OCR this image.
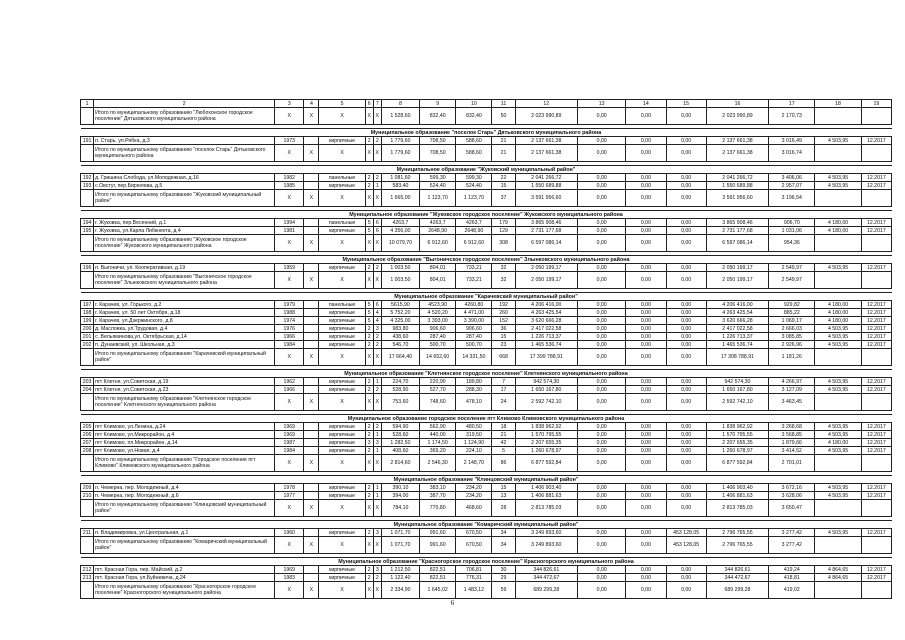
1	2	3	4	5	6	7	8	9	10	11	12	13	14	15	16	17	18	19
	Итого по муниципальному образованию "Любохонское городское поселение" Дятьковского муниципального района	X	X	X	X	X	1 528,60	832,40	832,40	50	2 023 990,89	0,00	0,00	0,00	2 023 990,89	2 170,73		

Муниципальное образование "поселок Старь" Дятьковского муниципального района																		
191	п. Старь, ул.Рябка, д.3	1973		кирпичные	2	2	1 779,60	708,50	588,60	21	2 137 661,38	0,00	0,00	0,00	2 137 661,38	3 016,49	4 503,95	12.2017
	Итого по муниципальному образованию "поселок Старь" Дятьковского муниципального района	X	X	X	X	X	1 779,60	708,50	588,60	21	2 137 661,38	0,00	0,00	0,00	2 137 661,38	3 016,74		

Муниципальное образование "Жуковский муниципальный район"																		
192	д. Гришина Слобода, ул.Молодежная, д.16	1982		панельные	2	2	1 081,60	599,30	599,30	22	2 041 266,72	0,00	0,00	0,00	2 041 266,72	3 406,06	4 503,95	12.2017
193	с.Овстуг, пер.Бирюлева, д.5	1985		кирпичные	2	1	583,40	524,40	524,40	15	1 550 689,88	0,00	0,00	0,00	1 550 689,88	2 957,07	4 503,95	12.2017
	Итого по муниципальному образованию "Жуковский муниципальный район"	X	X	X	X	X	1 665,00	1 123,70	1 123,70	37	3 591 956,60	0,00	0,00	0,00	3 591 956,60	3 196,54		

Муниципальное образование "Жуковское городское поселение" Жуковского муниципального района																		
194	г. Жуковка, пер.Весенний, д.1	1994		панельные	5	6	4263,7	4263,7	4263,7	179	3 865 908,46	0,00	0,00	0,00	3 865 908,46	906,70	4 180,00	12.2017
195	г. Жуковка, ул.Карла Либкнехта, д.4	1981		кирпичные	5	6	4 356,00	2648,90	2648,90	129	2 731 177,68	0,00	0,00	0,00	2 731 177,68	1 031,06	4 180,00	12.2017
	Итого по муниципальному образованию "Жуковское городское поселение" Жуковского муниципального района	X	X	X	X	X	10 079,70	6 912,60	6 912,60	308	6 597 086,14	0,00	0,00	0,00	6 597 086,14	954,36		

Муниципальное образование "Выгоничское городское поселение" Злынковского муниципального района																		
196	п. Выгоничи, ул. Кооперативная, д.19	1959		кирпичные	2	2	1 003,50	804,01	733,21	32	2 050 199,17	0,00	0,00	0,00	2 050 199,17	2 549,97	4 503,95	12.2017
	Итого по муниципальному образованию "Выгоничское городское поселение" Злынковского муниципального района	X	X	X	X	X	1 003,50	804,01	733,21	32	2 050 199,17	0,00	0,00	0,00	2 050 199,17	2 549,97		

Муниципальное образование "Карачевский муниципальный район"																		
197	г. Карачев, ул. Горького, д.2	1979		панельные	5	6	5615,90	4523,90	4260,80	192	4 206 416,00	0,00	0,00	0,00	4 206 416,00	929,82	4 180,00	12.2017
198	г. Карачев, ул. 50 лет Октября, д.18	1988		кирпичные	5	4	5 752,20	4 520,20	4 471,00	260	4 263 425,54	0,00	0,00	0,00	4 263 425,54	885,22	4 180,00	12.2017
199	г. Карачев, ул.Дзержинского, д.8	1974		кирпичные	5	4	4 325,00	3 393,00	3 390,00	152	3 620 666,28	0,00	0,00	0,00	3 620 666,28	1 069,17	4 180,00	12.2017
200	д. Масловка, ул.Трудовая, д.4	1976		кирпичные	2	3	983,80	906,60	906,60	36	2 417 022,58	0,00	0,00	0,00	2 417 022,58	2 666,03	4 503,95	12.2017
201	с. Вельяминова,ул. Октябрьская, д.14	1966		кирпичные	2	2	438,60	287,40	287,40	15	1 226 713,37	0,00	0,00	0,00	1 226 713,37	3 085,85	4 503,95	12.2017
202	п. Дунаевский, ул. Школьная, д.3	1984		кирпичные	2	2	546,70	500,70	500,70	23	1 465 536,74	0,00	0,00	0,00	1 465 536,74	2 926,96	4 503,95	12.2017
	Итого по муниципальному образованию "Карачевский муниципальный район"	X	X	X	X	X	17 664,40	14 652,60	14 331,50	668	17 399 788,91	0,00	0,00	0,00	17 308 788,91	1 181,26		

Муниципальное образование "Клетнянское городское поселение" Клетнянского муниципального района																		
203	пгт Клетня, ул.Советская, д.19	1962		кирпичные	2	1	224,70	220,90	189,80	7	942 574,30	0,00	0,00	0,00	942 574,30	4 266,97	4 503,95	12.2017
204	пгт Клетня, ул.Советская, д.23	1966		кирпичные	2	2	528,90	527,70	288,30	17	1 650 167,80	0,00	0,00	0,00	1 650 167,80	3 127,09	4 503,95	12.2017
	Итого по муниципальному образованию "Клетнянское городское поселение" Клетнянского муниципального района	X	X	X	X	X	753,60	748,60	478,10	24	2 592 742,10	0,00	0,00	0,00	2 592 742,10	3 463,45		

Муниципальное образование городское поселение пгт Климово Климовского муниципального района																		
205	пгт Климово, ул.Ленина, д.24	1969		кирпичные	2	2	594,90	562,90	480,50	18	1 838 962,92	0,00	0,00	0,00	1 838 962,92	3 268,68	4 503,95	12.2017
206	пгт Климово, ул.Микрорайон, д.4	1969		кирпичные	2	1	528,60	440,00	319,50	21	1 570 795,55	0,00	0,00	0,00	1 570 795,55	3 568,85	4 503,95	12.2017
207	пгт Климово, пл.Микрорайон, д.14	1987		кирпичные	3	3	1 282,50	1 174,50	1 124,90	42	2 207 655,35	0,00	0,00	0,00	2 207 655,35	1 879,66	4 180,00	12.2017
208	пгт Климово, ул.Новая, д.4	1984		кирпичные	2	1	408,60	369,20	224,10	5	1 260 678,97	0,00	0,00	0,00	1 260 678,97	3 414,52	4 503,95	12.2017
	Итого по муниципальному образованию "Городское поселение пгт Климово" Климовского муниципального района	X	X	X	X	X	2 814,60	2 546,30	2 148,70	86	6 877 592,84	0,00	0,00	0,00	6 877 592,84	2 701,01		

Муниципальное образование "Клинцовский муниципальный район"																		
209	п. Чемерна, пер. Молодежный, д.4	1978		кирпичные	2	1	390,10	383,10	234,20	15	1 406 903,40	0,00	0,00	0,00	1 406 903,40	3 672,16	4 503,95	12.2017
210	п. Чемерна, пер. Молодежный, д.6	1977		кирпичные	2	1	394,00	387,70	234,20	13	1 406 881,63	0,00	0,00	0,00	1 406 881,63	3 628,06	4 503,95	12.2017
	Итого по муниципальному образованию "Клинцовский муниципальный район"	X	X	X	X	X	784,10	770,80	468,60	28	2 813 785,03	0,00	0,00	0,00	2 813 785,03	3 650,47		

Муниципальное образование "Комаричский муниципальный район"																		
211	п. Владимировка, ул.Центральная, д.1	1960		кирпичные	2	3	1 071,70	991,60	670,50	34	3 249 893,60	0,00	0,00	453 128,05	2 796 765,55	3 277,42	4 503,95	12.2017
	Итого по муниципальному образованию "Комаричский муниципальный район"	X	X	X	X	X	1 071,70	991,60	670,50	34	3 249 893,60	0,00	0,00	453 128,05	2 796 765,55	3 277,42		

Муниципальное образование "Красногорское городское поселение" Красногорского муниципального района																		
212	пгт. Красная Гора, пер. Майский, д.2	1969		кирпичные	2	3	1 212,50	822,51	706,81	30	344 826,61	0,00	0,00	0,00	344 826,61	419,24	4 864,65	12.2017
213	пгт. Красная Гора, ул.Буйневича, д.24	1983		кирпичные	2	2	1 122,40	822,51	776,31	29	344 472,67	0,00	0,00	0,00	344 472,67	418,81	4 864,65	12.2017
	Итого по муниципальному образованию "Красногорское городское поселение" Красногорского муниципального района	X	X	X	X	X	2 334,90	1 645,02	1 483,12	59	689 299,28	0,00	0,00	0,00	689 299,28	419,02		
6
